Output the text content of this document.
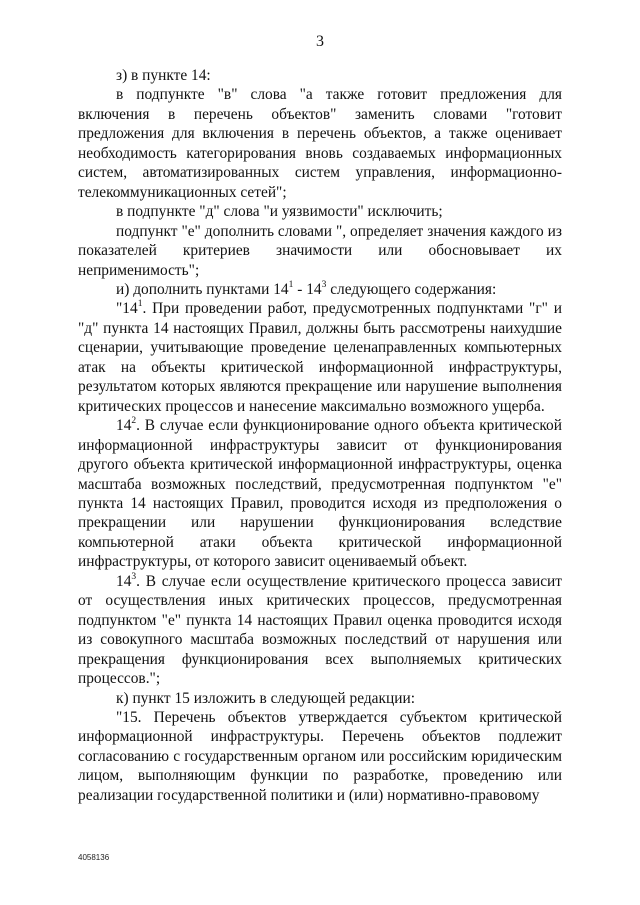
3

з) в пункте 14:

в подпункте "в" слова "а также готовит предложения для включения в перечень объектов" заменить словами "готовит предложения для включения в перечень объектов, а также оценивает необходимость категорирования вновь создаваемых информационных систем, автоматизированных систем управления, информационно-телекоммуникационных сетей";

в подпункте "д" слова "и уязвимости" исключить;

подпункт "е" дополнить словами ", определяет значения каждого из показателей критериев значимости или обосновывает их неприменимость";

и) дополнить пунктами $14^1 - 14^3$ следующего содержания:

"$14^1$. При проведении работ, предусмотренных подпунктами "г" и "д" пункта 14 настоящих Правил, должны быть рассмотрены наихудшие сценарии, учитывающие проведение целенаправленных компьютерных атак на объекты критической информационной инфраструктуры, результатом которых являются прекращение или нарушение выполнения критических процессов и нанесение максимально возможного ущерба.

$14^2$. В случае если функционирование одного объекта критической информационной инфраструктуры зависит от функционирования другого объекта критической информационной инфраструктуры, оценка масштаба возможных последствий, предусмотренная подпунктом "е" пункта 14 настоящих Правил, проводится исходя из предположения о прекращении или нарушении функционирования вследствие компьютерной атаки объекта критической информационной инфраструктуры, от которого зависит оцениваемый объект.

$14^3$. В случае если осуществление критического процесса зависит от осуществления иных критических процессов, предусмотренная подпунктом "е" пункта 14 настоящих Правил оценка проводится исходя из совокупного масштаба возможных последствий от нарушения или прекращения функционирования всех выполняемых критических процессов.";

к) пункт 15 изложить в следующей редакции:

"15. Перечень объектов утверждается субъектом критической информационной инфраструктуры. Перечень объектов подлежит согласованию с государственным органом или российским юридическим лицом, выполняющим функции по разработке, проведению или реализации государственной политики и (или) нормативно-правовому

4058136
